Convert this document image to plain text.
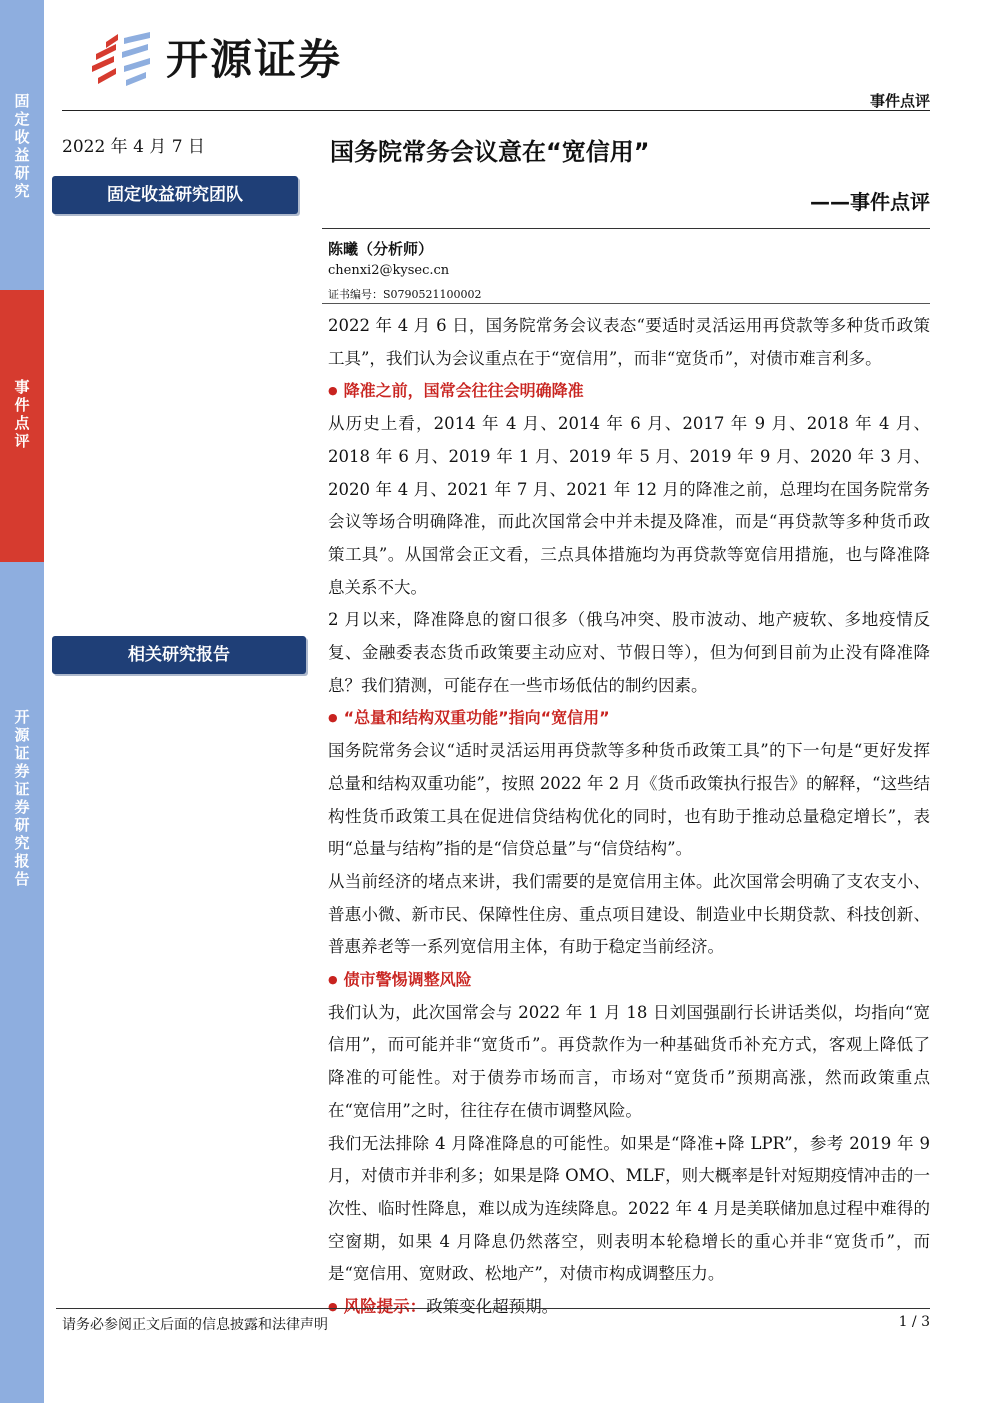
固定收益研究
事件点评
开源证券 证券研究报告
开源证券
事件点评
2022 年 4 月 7 日
固定收益研究团队
相关研究报告
国务院常务会议意在“宽信用”
——事件点评
陈曦（分析师）
chenxi2@kysec.cn
证书编号：S0790521100002

2022 年 4 月 6 日，国务院常务会议表态“要适时灵活运用再贷款等多种货币政策工具”，我们认为会议重点在于“宽信用”，而非“宽货币”，对债市难言利多。

● 降准之前，国常会往往会明确降准

从历史上看，2014 年 4 月、2014 年 6 月、2017 年 9 月、2018 年 4 月、2018 年 6 月、2019 年 1 月、2019 年 5 月、2019 年 9 月、2020 年 3 月、2020 年 4 月、2021 年 7 月、2021 年 12 月的降准之前，总理均在国务院常务会议等场合明确降准，而此次国常会中并未提及降准，而是“再贷款等多种货币政策工具”。从国常会正文看，三点具体措施均为再贷款等宽信用措施，也与降准降息关系不大。

2 月以来，降准降息的窗口很多（俄乌冲突、股市波动、地产疲软、多地疫情反复、金融委表态货币政策要主动应对、节假日等），但为何到目前为止没有降准降息？我们猜测，可能存在一些市场低估的制约因素。

● “总量和结构双重功能”指向“宽信用”

国务院常务会议“适时灵活运用再贷款等多种货币政策工具”的下一句是“更好发挥总量和结构双重功能”，按照 2022 年 2 月《货币政策执行报告》的解释，“这些结构性货币政策工具在促进信贷结构优化的同时，也有助于推动总量稳定增长”，表明“总量与结构”指的是“信贷总量”与“信贷结构”。

从当前经济的堵点来讲，我们需要的是宽信用主体。此次国常会明确了支农支小、普惠小微、新市民、保障性住房、重点项目建设、制造业中长期贷款、科技创新、普惠养老等一系列宽信用主体，有助于稳定当前经济。

● 债市警惕调整风险

我们认为，此次国常会与 2022 年 1 月 18 日刘国强副行长讲话类似，均指向“宽信用”，而可能并非“宽货币”。再贷款作为一种基础货币补充方式，客观上降低了降准的可能性。对于债券市场而言，市场对“宽货币”预期高涨，然而政策重点在“宽信用”之时，往往存在债市调整风险。

我们无法排除 4 月降准降息的可能性。如果是“降准+降 LPR”，参考 2019 年 9 月，对债市并非利多；如果是降 OMO、MLF，则大概率是针对短期疫情冲击的一次性、临时性降息，难以成为连续降息。2022 年 4 月是美联储加息过程中难得的空窗期，如果 4 月降息仍然落空，则表明本轮稳增长的重心并非“宽货币”，而是“宽信用、宽财政、松地产”，对债市构成调整压力。

● 风险提示：政策变化超预期。

请务必参阅正文后面的信息披露和法律声明	1 / 3
